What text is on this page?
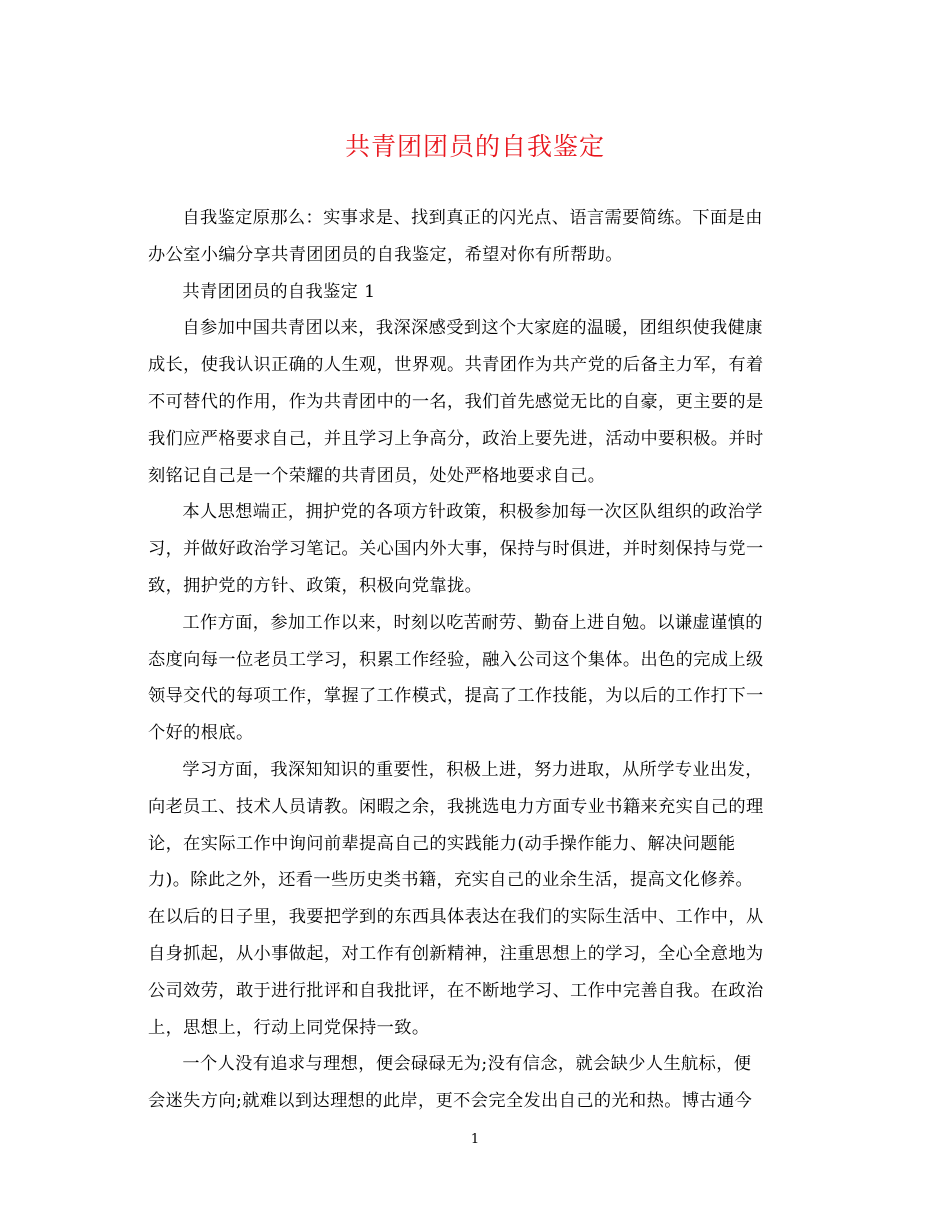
共青团团员的自我鉴定
自我鉴定原那么：实事求是、找到真正的闪光点、语言需要简练。下面是由
办公室小编分享共青团团员的自我鉴定，希望对你有所帮助。
共青团团员的自我鉴定 1
自参加中国共青团以来，我深深感受到这个大家庭的温暖，团组织使我健康
成长，使我认识正确的人生观，世界观。共青团作为共产党的后备主力军，有着
不可替代的作用，作为共青团中的一名，我们首先感觉无比的自豪，更主要的是
我们应严格要求自己，并且学习上争高分，政治上要先进，活动中要积极。并时
刻铭记自己是一个荣耀的共青团员，处处严格地要求自己。
本人思想端正，拥护党的各项方针政策，积极参加每一次区队组织的政治学
习，并做好政治学习笔记。关心国内外大事，保持与时俱进，并时刻保持与党一
致，拥护党的方针、政策，积极向党靠拢。
工作方面，参加工作以来，时刻以吃苦耐劳、勤奋上进自勉。以谦虚谨慎的
态度向每一位老员工学习，积累工作经验，融入公司这个集体。出色的完成上级
领导交代的每项工作，掌握了工作模式，提高了工作技能，为以后的工作打下一
个好的根底。
学习方面，我深知知识的重要性，积极上进，努力进取，从所学专业出发，
向老员工、技术人员请教。闲暇之余，我挑选电力方面专业书籍来充实自己的理
论，在实际工作中询问前辈提高自己的实践能力(动手操作能力、解决问题能
力)。除此之外，还看一些历史类书籍，充实自己的业余生活，提高文化修养。
在以后的日子里，我要把学到的东西具体表达在我们的实际生活中、工作中，从
自身抓起，从小事做起，对工作有创新精神，注重思想上的学习，全心全意地为
公司效劳，敢于进行批评和自我批评，在不断地学习、工作中完善自我。在政治
上，思想上，行动上同党保持一致。
一个人没有追求与理想，便会碌碌无为;没有信念，就会缺少人生航标，便
会迷失方向;就难以到达理想的此岸，更不会完全发出自己的光和热。博古通今
1
